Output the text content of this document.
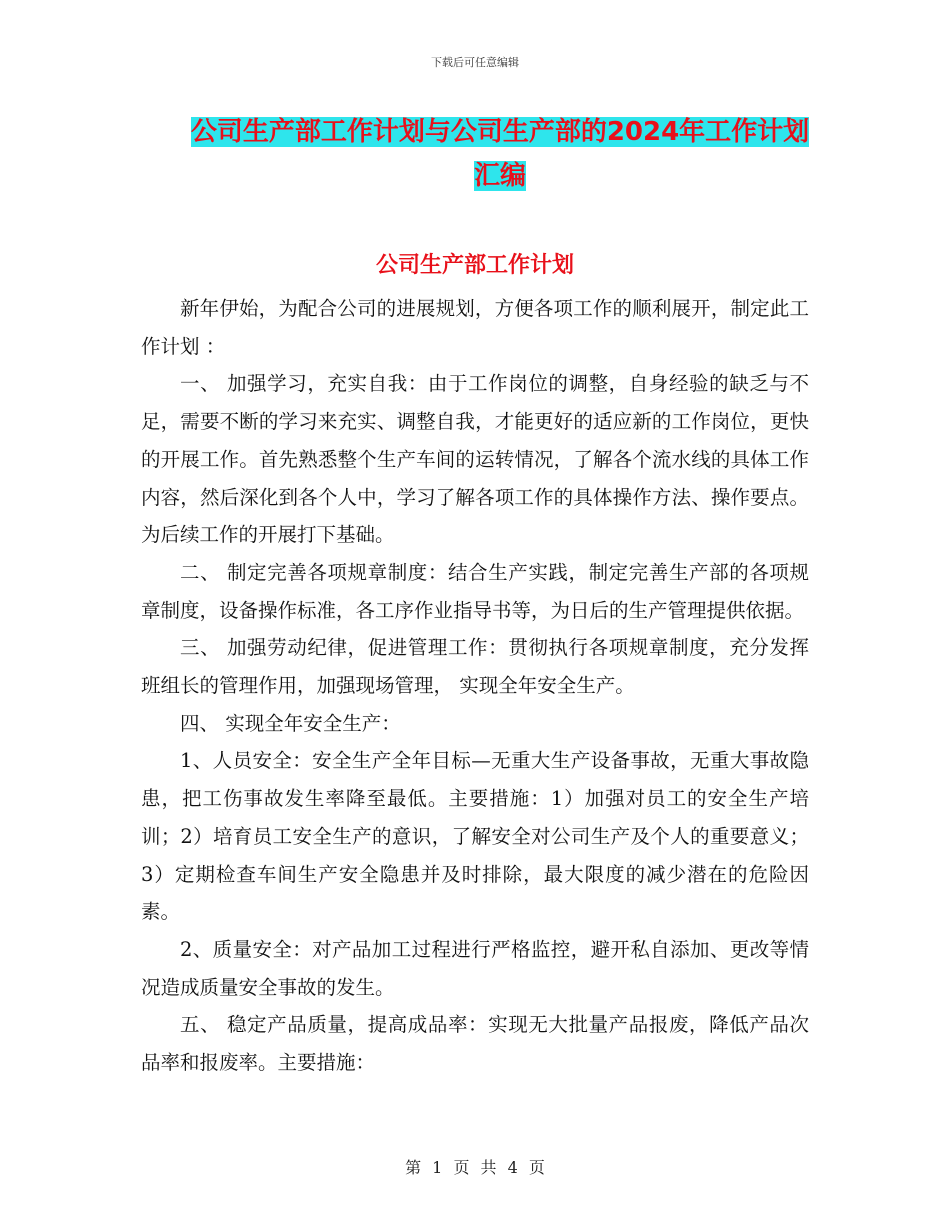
下载后可任意编辑
公司生产部工作计划与公司生产部的2024年工作计划
汇编
公司生产部工作计划

新年伊始，为配合公司的进展规划，方便各项工作的顺利展开，制定此工作计划 ：

一、 加强学习，充实自我：由于工作岗位的调整，自身经验的缺乏与不足，需要不断的学习来充实、调整自我，才能更好的适应新的工作岗位，更快的开展工作。首先熟悉整个生产车间的运转情况，了解各个流水线的具体工作内容，然后深化到各个人中，学习了解各项工作的具体操作方法、操作要点。为后续工作的开展打下基础。

二、 制定完善各项规章制度：结合生产实践，制定完善生产部的各项规章制度，设备操作标准，各工序作业指导书等，为日后的生产管理提供依据。

三、 加强劳动纪律，促进管理工作：贯彻执行各项规章制度，充分发挥班组长的管理作用，加强现场管理， 实现全年安全生产。

四、 实现全年安全生产：

1、人员安全：安全生产全年目标—无重大生产设备事故，无重大事故隐患，把工伤事故发生率降至最低。主要措施：1）加强对员工的安全生产培训；2）培育员工安全生产的意识，了解安全对公司生产及个人的重要意义；3）定期检查车间生产安全隐患并及时排除，最大限度的减少潜在的危险因素。

2、质量安全：对产品加工过程进行严格监控，避开私自添加、更改等情况造成质量安全事故的发生。

五、 稳定产品质量，提高成品率：实现无大批量产品报废，降低产品次品率和报废率。主要措施：

第 1 页 共 4 页
